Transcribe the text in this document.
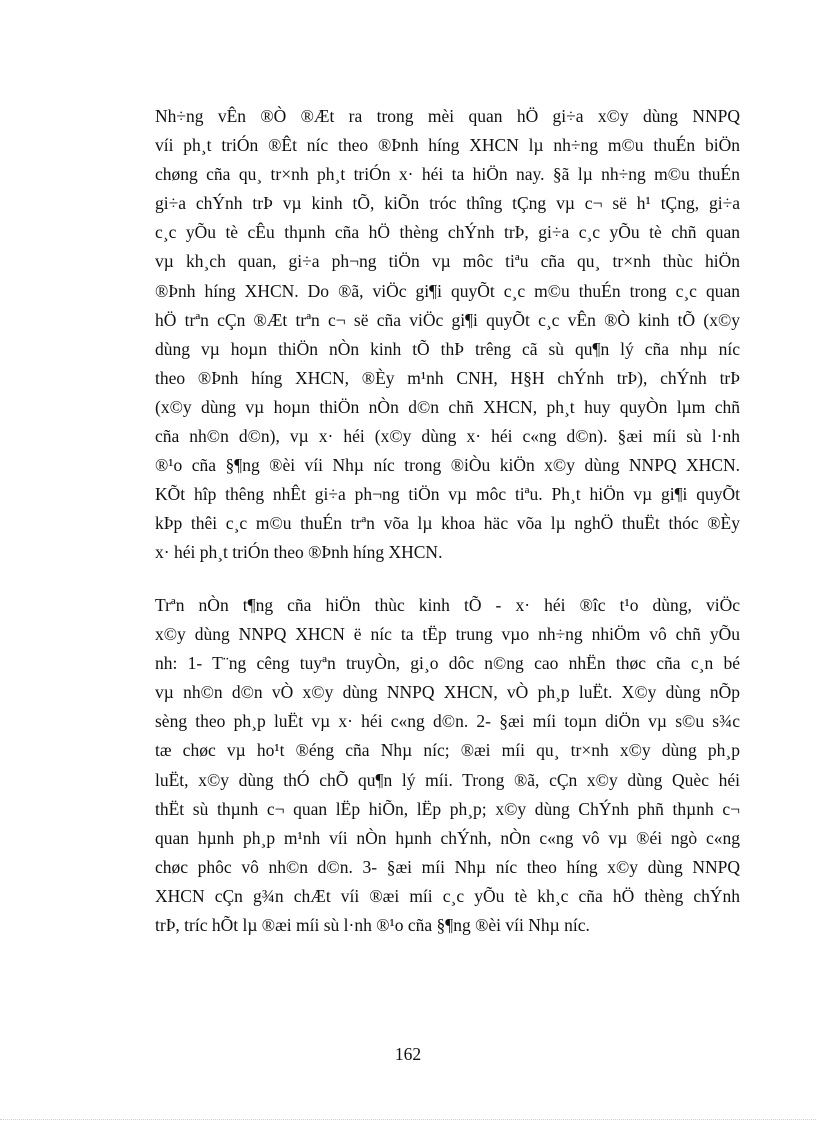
Nh÷ng vÊn ®Ò ®Æt ra trong mèi quan hÖ gi÷a x©y dùng NNPQ
víi ph¸t triÓn ®Êt níc theo ®Þnh híng XHCN lµ nh÷ng m©u thuÉn biÖn
chøng cña qu¸ tr×nh ph¸t triÓn x· héi ta hiÖn nay. §ã lµ nh÷ng m©u thuÉn
gi÷a chÝnh trÞ vµ kinh tÕ, kiÕn tróc thîng tÇng vµ c¬ së h¹ tÇng, gi÷a
c¸c yÕu tè cÊu thµnh cña hÖ thèng chÝnh trÞ, gi÷a c¸c yÕu tè chñ quan
vµ kh¸ch quan, gi÷a ph¬ng tiÖn vµ môc tiªu cña qu¸ tr×nh thùc hiÖn
®Þnh híng XHCN. Do ®ã, viÖc gi¶i quyÕt c¸c m©u thuÉn trong c¸c quan
hÖ trªn cÇn ®Æt trªn c¬ së cña viÖc gi¶i quyÕt c¸c vÊn ®Ò kinh tÕ (x©y
dùng vµ hoµn thiÖn nÒn kinh tÕ thÞ trêng cã sù qu¶n lý cña nhµ níc
theo ®Þnh híng XHCN, ®Èy m¹nh CNH, H§H chÝnh trÞ), chÝnh trÞ
(x©y dùng vµ hoµn thiÖn nÒn d©n chñ XHCN, ph¸t huy quyÒn lµm chñ
cña nh©n d©n), vµ x· héi (x©y dùng x· héi c«ng d©n). §æi míi sù l·nh
®¹o cña §¶ng ®èi víi Nhµ níc trong ®iÒu kiÖn x©y dùng NNPQ XHCN.
KÕt hîp thêng nhÊt gi÷a ph¬ng tiÖn vµ môc tiªu. Ph¸t hiÖn vµ gi¶i quyÕt
kÞp thêi c¸c m©u thuÉn trªn võa lµ khoa häc võa lµ nghÖ thuËt thóc ®Èy
x· héi ph¸t triÓn theo ®Þnh híng XHCN.
Trªn nÒn t¶ng cña hiÖn thùc kinh tÕ - x· héi ®îc t¹o dùng, viÖc
x©y dùng NNPQ XHCN ë níc ta tËp trung vµo nh÷ng nhiÖm vô chñ yÕu
nh: 1- T¨ng cêng tuyªn truyÒn, gi¸o dôc n©ng cao nhËn thøc cña c¸n bé
vµ nh©n d©n vÒ x©y dùng NNPQ XHCN, vÒ ph¸p luËt. X©y dùng nÕp
sèng theo ph¸p luËt vµ x· héi c«ng d©n. 2- §æi míi toµn diÖn vµ s©u s¾c
tæ chøc vµ ho¹t ®éng cña Nhµ níc; ®æi míi qu¸ tr×nh x©y dùng ph¸p
luËt, x©y dùng thÓ chÕ qu¶n lý míi. Trong ®ã, cÇn x©y dùng Quèc héi
thËt sù thµnh c¬ quan lËp hiÕn, lËp ph¸p; x©y dùng ChÝnh phñ thµnh c¬
quan hµnh ph¸p m¹nh víi nÒn hµnh chÝnh, nÒn c«ng vô vµ ®éi ngò c«ng
chøc phôc vô nh©n d©n. 3- §æi míi Nhµ níc theo híng x©y dùng NNPQ
XHCN cÇn g¾n chÆt víi ®æi míi c¸c yÕu tè kh¸c cña hÖ thèng chÝnh
trÞ, tríc hÕt lµ ®æi míi sù l·nh ®¹o cña §¶ng ®èi víi Nhµ níc.
162
